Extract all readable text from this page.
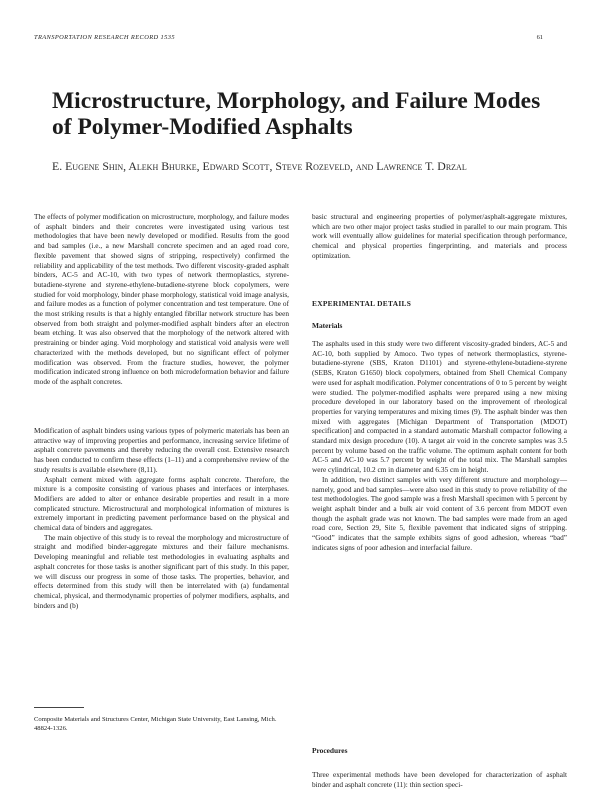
TRANSPORTATION RESEARCH RECORD 1535	61
Microstructure, Morphology, and Failure Modes of Polymer-Modified Asphalts
E. Eugene Shin, Alekh Bhurke, Edward Scott, Steve Rozeveld, and Lawrence T. Drzal

The effects of polymer modification on microstructure, morphology, and failure modes of asphalt binders and their concretes were investigated using various test methodologies that have been newly developed or modified. Results from the good and bad samples (i.e., a new Marshall concrete specimen and an aged road core, flexible pavement that showed signs of stripping, respectively) confirmed the reliability and applicability of the test methods. Two different viscosity-graded asphalt binders, AC-5 and AC-10, with two types of network thermoplastics, styrene-butadiene-styrene and styrene-ethylene-butadiene-styrene block copolymers, were studied for void morphology, binder phase morphology, statistical void image analysis, and failure modes as a function of polymer concentration and test temperature. One of the most striking results is that a highly entangled fibrillar network structure has been observed from both straight and polymer-modified asphalt binders after an electron beam etching. It was also observed that the morphology of the network altered with prestraining or binder aging. Void morphology and statistical void analysis were well characterized with the methods developed, but no significant effect of polymer modification was observed. From the fracture studies, however, the polymer modification indicated strong influence on both microdeformation behavior and failure mode of the asphalt concretes.

Modification of asphalt binders using various types of polymeric materials has been an attractive way of improving properties and performance, increasing service lifetime of asphalt concrete pavements and thereby reducing the overall cost. Extensive research has been conducted to confirm these effects (1–11) and a comprehensive review of the study results is available elsewhere (8,11).

Asphalt cement mixed with aggregate forms asphalt concrete. Therefore, the mixture is a composite consisting of various phases and interfaces or interphases. Modifiers are added to alter or enhance desirable properties and result in a more complicated structure. Microstructural and morphological information of mixtures is extremely important in predicting pavement performance based on the physical and chemical data of binders and aggregates.

The main objective of this study is to reveal the morphology and microstructure of straight and modified binder-aggregate mixtures and their failure mechanisms. Developing meaningful and reliable test methodologies in evaluating asphalts and asphalt concretes for those tasks is another significant part of this study. In this paper, we will discuss our progress in some of those tasks. The properties, behavior, and effects determined from this study will then be interrelated with (a) fundamental chemical, physical, and thermodynamic properties of polymer modifiers, asphalts, and binders and (b)

Composite Materials and Structures Center, Michigan State University, East Lansing, Mich. 48824-1326.

basic structural and engineering properties of polymer/asphalt-aggregate mixtures, which are two other major project tasks studied in parallel to our main program. This work will eventually allow guidelines for material specification through performance, chemical and physical properties fingerprinting, and materials and process optimization.

EXPERIMENTAL DETAILS
Materials

The asphalts used in this study were two different viscosity-graded binders, AC-5 and AC-10, both supplied by Amoco. Two types of network thermoplastics, styrene-butadiene-styrene (SBS, Kraton D1101) and styrene-ethylene-butadiene-styrene (SEBS, Kraton G1650) block copolymers, obtained from Shell Chemical Company were used for asphalt modification. Polymer concentrations of 0 to 5 percent by weight were studied. The polymer-modified asphalts were prepared using a new mixing procedure developed in our laboratory based on the improvement of rheological properties for varying temperatures and mixing times (9). The asphalt binder was then mixed with aggregates [Michigan Department of Transportation (MDOT) specification] and compacted in a standard automatic Marshall compactor following a standard mix design procedure (10). A target air void in the concrete samples was 3.5 percent by volume based on the traffic volume. The optimum asphalt content for both AC-5 and AC-10 was 5.7 percent by weight of the total mix. The Marshall samples were cylindrical, 10.2 cm in diameter and 6.35 cm in height.

In addition, two distinct samples with very different structure and morphology—namely, good and bad samples—were also used in this study to prove reliability of the test methodologies. The good sample was a fresh Marshall specimen with 5 percent by weight asphalt binder and a bulk air void content of 3.6 percent from MDOT even though the asphalt grade was not known. The bad samples were made from an aged road core, Section 29, Site 5, flexible pavement that indicated signs of stripping. “Good” indicates that the sample exhibits signs of good adhesion, whereas “bad” indicates signs of poor adhesion and interfacial failure.

Procedures
Three experimental methods have been developed for characterization of asphalt binder and asphalt concrete (11): thin section speci-
